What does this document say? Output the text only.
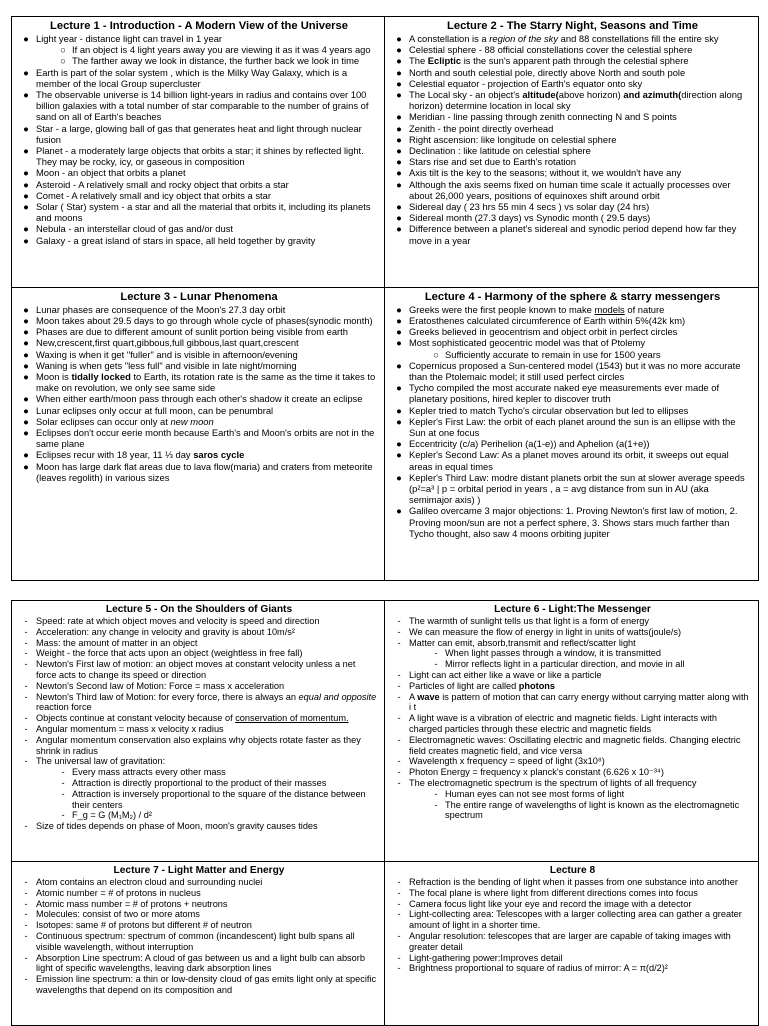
Lecture 1 - Introduction - A Modern View of the Universe
● Light year - distance light can travel in 1 year
○ If an object is 4 light years away you are viewing it as it was 4 years ago
○ The farther away we look in distance, the further back we look in time
● Earth is part of the solar system , which is the Milky Way Galaxy, which is a member of the local Group supercluster
● The observable universe is 14 billion light-years in radius and contains over 100 billion galaxies with a total number of star comparable to the number of grains of sand on all of Earth's beaches
● Star - a large, glowing ball of gas that generates heat and light through nuclear fusion
● Planet - a moderately large objects that orbits a star; it shines by reflected light. They may be rocky, icy, or gaseous in composition
● Moon - an object that orbits a planet
● Asteroid - A relatively small and rocky object that orbits a star
● Comet - A relatively small and icy object that orbits a star
● Solar ( Star) system - a star and all the material that orbits it, including its planets and moons
● Nebula - an interstellar cloud of gas and/or dust
● Galaxy - a great island of stars in space, all held together by gravity
Lecture 2 - The Starry Night, Seasons and Time
● A constellation is a region of the sky and 88 constellations fill the entire sky
● Celestial sphere - 88 official constellations cover the celestial sphere
● The Ecliptic is the sun's apparent path through the celestial sphere
● North and south celestial pole, directly above North and south pole
● Celestial equator - projection of Earth's equator onto sky
● The Local sky - an object's altitude(above horizon) and azimuth(direction along horizon) determine location in local sky
● Meridian - line passing through zenith connecting N and S points
● Zenith - the point directly overhead
● Right ascension: like longitude on celestial sphere
● Declination : like latitude on celestial sphere
● Stars rise and set due to Earth's rotation
● Axis tilt is the key to the seasons; without it, we wouldn't have any
● Although the axis seems fixed on human time scale it actually processes over about 26,000 years, positions of equinoxes shift around orbit
● Sidereal day ( 23 hrs 55 min 4 secs ) vs solar day (24 hrs)
● Sidereal month (27.3 days) vs Synodic month ( 29.5 days)
● Difference between a planet's sidereal and synodic period depend how far they move in a year
Lecture 3 - Lunar Phenomena
● Lunar phases are consequence of the Moon's 27.3 day orbit
● Moon takes about 29.5 days to go through whole cycle of phases(synodic month)
● Phases are due to different amount of sunlit portion being visible from earth
● New,crescent,first quart,gibbous,full gibbous,last quart,crescent
● Waxing is when it get "fuller" and is visible in afternoon/evening
● Waning is when gets "less full" and visible in late night/morning
● Moon is tidally locked to Earth, its rotation rate is the same as the time it takes to make on revolution, we only see same side
● When either earth/moon pass through each other's shadow it create an eclipse
● Lunar eclipses only occur at full moon, can be penumbral
● Solar eclipses can occur only at new moon
● Eclipses don't occur eerie month because Earth's and Moon's orbits are not in the same plane
● Eclipses recur with 18 year, 11 ⅓ day saros cycle
● Moon has large dark flat areas due to lava flow(maria) and craters from meteorite (leaves regolith) in various sizes
Lecture 4 - Harmony of the sphere & starry messengers
● Greeks were the first people known to make models of nature
● Eratosthenes calculated circumference of Earth within 5%(42k km)
● Greeks believed in geocentrism and object orbit in perfect circles
● Most sophisticated geocentric model was that of Ptolemy
○ Sufficiently accurate to remain in use for 1500 years
● Copernicus proposed a Sun-centered model (1543) but it was no more accurate than the Ptolemaic model; it still used perfect circles
● Tycho compiled the most accurate naked eye measurements ever made of planetary positions, hired kepler to discover truth
● Kepler tried to match Tycho's circular observation but led to ellipses
● Kepler's First Law: the orbit of each planet around the sun is an ellipse with the Sun at one focus
● Eccentricity (c/a) Perihelion (a(1-e)) and Aphelion (a(1+e))
● Kepler's Second Law: As a planet moves around its orbit, it sweeps out equal areas in equal times
● Kepler's Third Law: modre distant planets orbit the sun at slower average speeds (p²=a³ | p = orbital period in years , a = avg distance from sun in AU (aka semimajor axis) )
● Galileo overcame 3 major objections: 1. Proving Newton's first law of motion, 2. Proving moon/sun are not a perfect sphere, 3. Shows stars much farther than Tycho thought, also saw 4 moons orbiting jupiter
Lecture 5 - On the Shoulders of Giants
- Speed: rate at which object moves and velocity is speed and direction
- Acceleration: any change in velocity and gravity is about 10m/s²
- Mass: the amount of matter in an object
- Weight - the force that acts upon an object (weightless in free fall)
- Newton's First law of motion: an object moves at constant velocity unless a net force acts to change its speed or direction
- Newton's Second law of Motion: Force = mass x acceleration
- Newton's Third law of Motion: for every force, there is always an equal and opposite reaction force
- Objects continue at constant velocity because of conservation of momentum.
- Angular momentum = mass x velocity x radius
- Angular momentum conservation also explains why objects rotate faster as they shrink in radius
- The universal law of gravitation:
- Every mass attracts every other mass
- Attraction is directly proportional to the product of their masses
- Attraction is inversely proportional to the square of the distance between their centers
- F_g = G (M₁M₂) / d²
- Size of tides depends on phase of Moon, moon's gravity causes tides
Lecture 6 - Light:The Messenger
- The warmth of sunlight tells us that light is a form of energy
- We can measure the flow of energy in light in units of watts(joule/s)
- Matter can emit, absorb,transmit and reflect/scatter light
- When light passes through a window, it is transmitted
- Mirror reflects light in a particular direction, and movie in all
- Light can act either like a wave or like a particle
- Particles of light are called photons
- A wave is pattern of motion that can carry energy without carrying matter along with i t
- A light wave is a vibration of electric and magnetic fields. Light interacts with charged particles through these electric and magnetic fields
- Electromagnetic waves: Oscillating electric and magnetic fields. Changing electric field creates magnetic field, and vice versa
- Wavelength x frequency = speed of light (3x10⁸)
- Photon Energy = frequency x planck's constant (6.626 x 10⁻³⁴)
- The electromagnetic spectrum is the spectrum of lights of all frequency
- Human eyes can not see most forms of light
- The entire range of wavelengths of light is known as the electromagnetic spectrum
Lecture 7 - Light Matter and Energy
- Atom contains an electron cloud and surrounding nuclei
- Atomic number = # of protons in nucleus
- Atomic mass number = # of protons + neutrons
- Molecules: consist of two or more atoms
- Isotopes: same # of protons but different # of neutron
- Continuous spectrum: spectrum of common (incandescent) light bulb spans all visible wavelength, without interruption
- Absorption Line spectrum: A cloud of gas between us and a light bulb can absorb light of specific wavelengths, leaving dark absorption lines
- Emission line spectrum: a thin or low-density cloud of gas emits light only at specific wavelengths that depend on its composition and
Lecture 8
- Refraction is the bending of light when it passes from one substance into another
- The focal plane is where light from different directions comes into focus
- Camera focus light like your eye and record the image with a detector
- Light-collecting area: Telescopes with a larger collecting area can gather a greater amount of light in a shorter time.
- Angular resolution: telescopes that are larger are capable of taking images with greater detail
- Light-gathering power:Improves detail
- Brightness proportional to square of radius of mirror: A = π(d/2)²
